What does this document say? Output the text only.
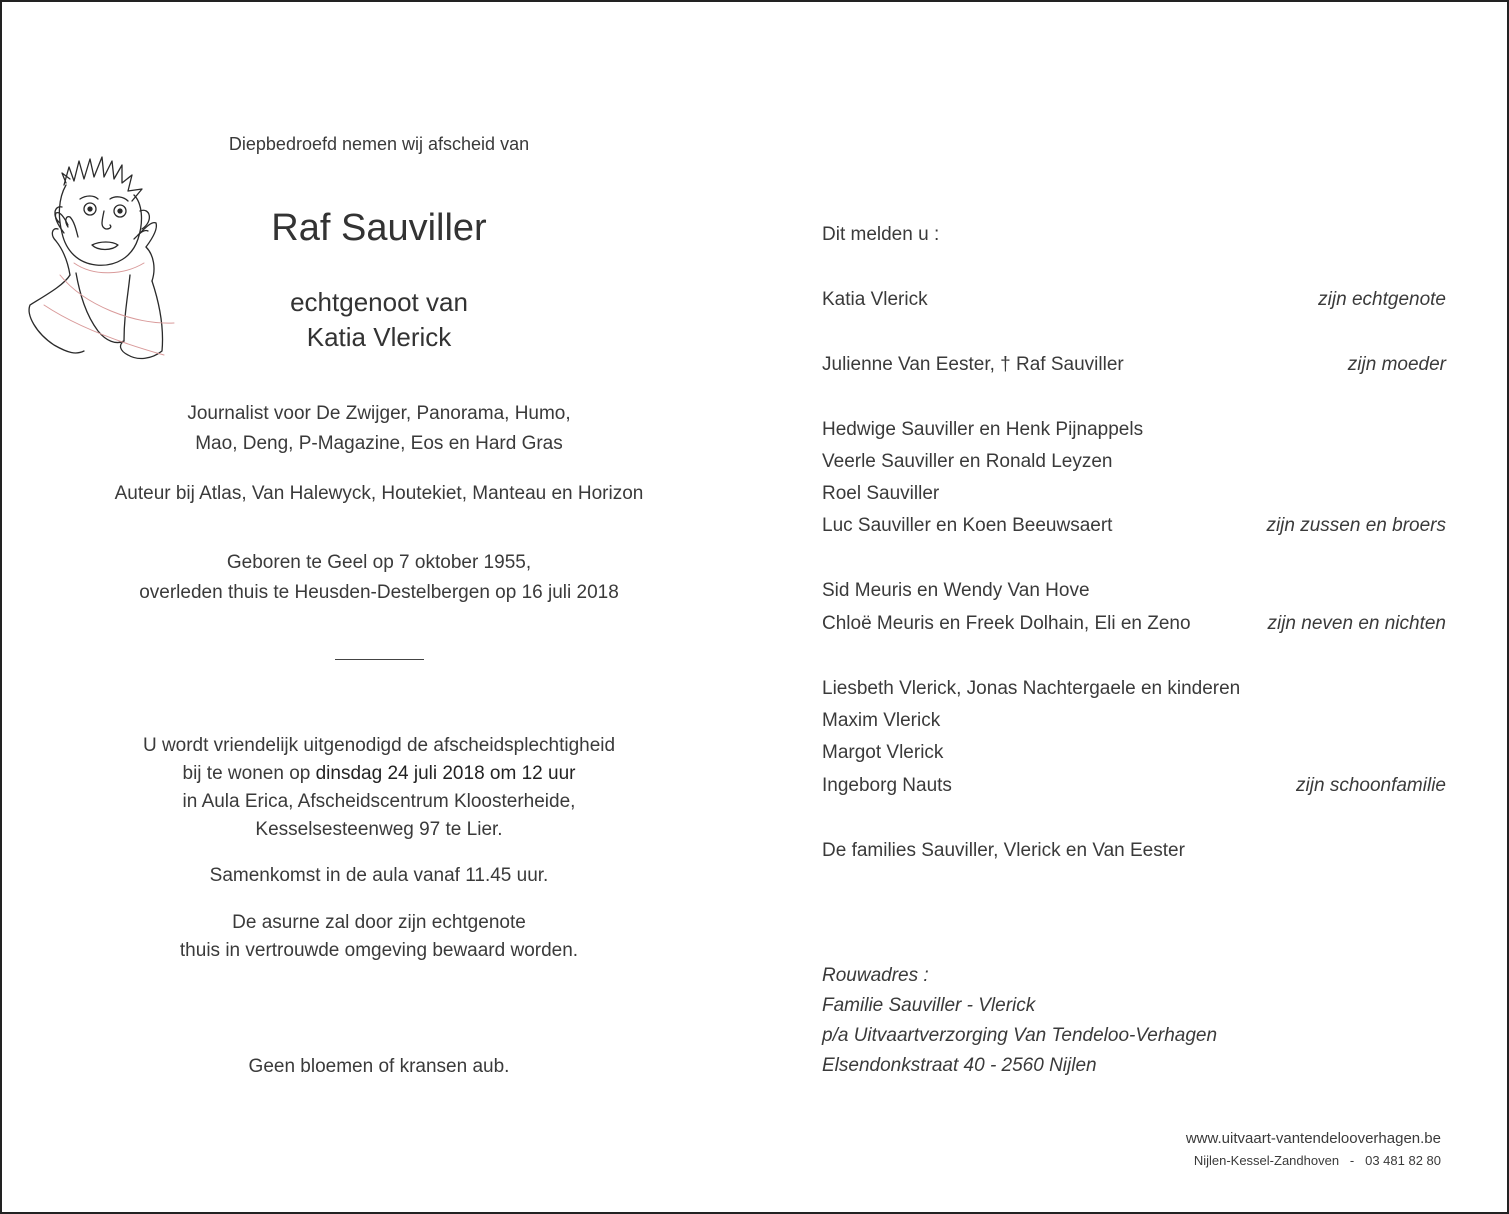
Diepbedroefd nemen wij afscheid van
Raf Sauviller
echtgenoot van
Katia Vlerick
Journalist voor De Zwijger, Panorama, Humo,
Mao, Deng, P-Magazine, Eos en Hard Gras
Auteur bij Atlas, Van Halewyck, Houtekiet, Manteau en Horizon
Geboren te Geel op 7 oktober 1955,
overleden thuis te Heusden-Destelbergen op 16 juli 2018
U wordt vriendelijk uitgenodigd de afscheidsplechtigheid
bij te wonen op dinsdag 24 juli 2018 om 12 uur
in Aula Erica, Afscheidscentrum Kloosterheide,
Kesselsesteenweg 97 te Lier.
Samenkomst in de aula vanaf 11.45 uur.
De asurne zal door zijn echtgenote
thuis in vertrouwde omgeving bewaard worden.
Geen bloemen of kransen aub.
Dit melden u :
Katia Vlerick	zijn echtgenote
Julienne Van Eester, † Raf Sauviller	zijn moeder
Hedwige Sauviller en Henk Pijnappels
Veerle Sauviller en Ronald Leyzen
Roel Sauviller
Luc Sauviller en Koen Beeuwsaert	zijn zussen en broers
Sid Meuris en Wendy Van Hove
Chloë Meuris en Freek Dolhain, Eli en Zeno	zijn neven en nichten
Liesbeth Vlerick, Jonas Nachtergaele en kinderen
Maxim Vlerick
Margot Vlerick
Ingeborg Nauts	zijn schoonfamilie
De families Sauviller, Vlerick en Van Eester
Rouwadres :
Familie Sauviller - Vlerick
p/a Uitvaartverzorging Van Tendeloo-Verhagen
Elsendonkstraat 40 - 2560 Nijlen
www.uitvaart-vantendelooverhagen.be
Nijlen-Kessel-Zandhoven - 03 481 82 80
